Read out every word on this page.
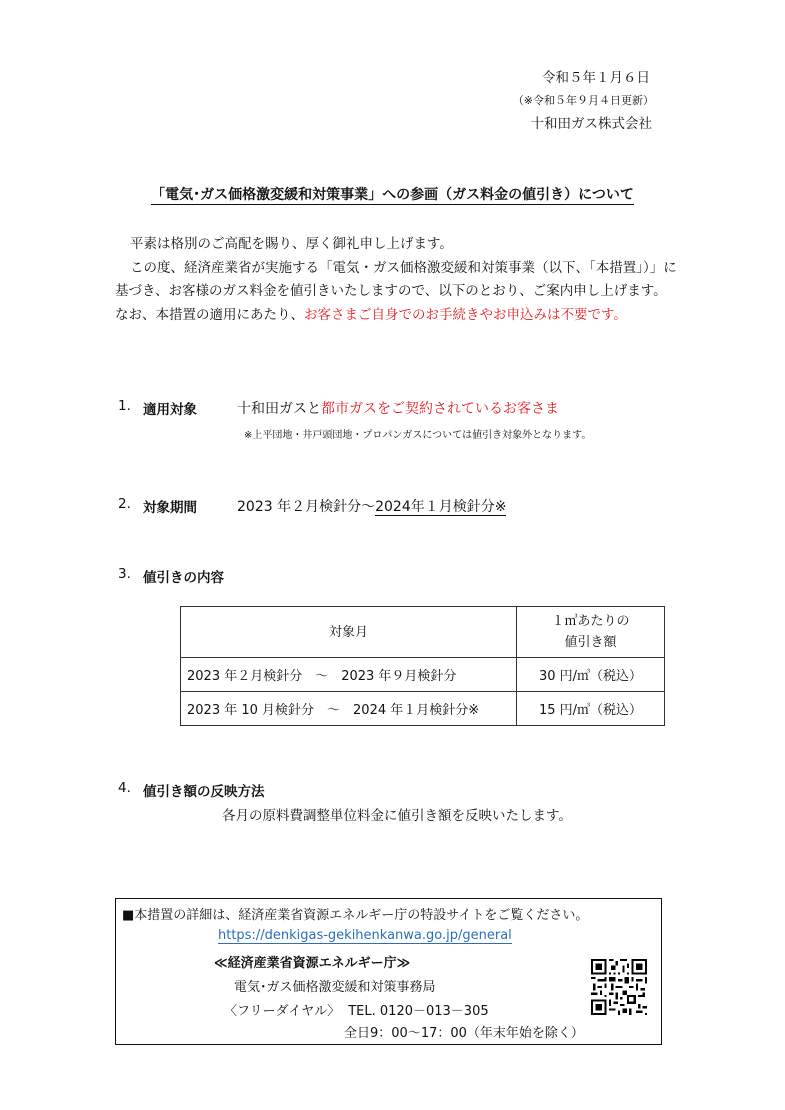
令和５年１月６日
（※令和５年９月４日更新）
十和田ガス株式会社
「電気･ガス価格激変緩和対策事業」への参画（ガス料金の値引き）について

平素は格別のご高配を賜り、厚く御礼申し上げます。

この度、経済産業省が実施する「電気・ガス価格激変緩和対策事業（以下、「本措置」）」に基づき、お客様のガス料金を値引きいたしますので、以下のとおり、ご案内申し上げます。なお、本措置の適用にあたり、お客さまご自身でのお手続きやお申込みは不要です。

1. 適用対象	十和田ガスと都市ガスをご契約されているお客さま
※上平団地・井戸頭団地・プロパンガスについては値引き対象外となります。
2. 対象期間	2023 年２月検針分～2024年１月検針分※
3. 値引きの内容
対象月	１㎥あたりの
値引き額

2023 年２月検針分　～　2023 年９月検針分	30 円/㎥（税込）
2023 年 10 月検針分　～　2024 年１月検針分※	15 円/㎥（税込）
4. 値引き額の反映方法
各月の原料費調整単位料金に値引き額を反映いたします。
■本措置の詳細は、経済産業省資源エネルギー庁の特設サイトをご覧ください。
https://denkigas-gekihenkanwa.go.jp/general
≪経済産業省資源エネルギー庁≫
電気･ガス価格激変緩和対策事務局
〈フリーダイヤル〉 TEL. 0120－013－305
全日9：00～17：00（年末年始を除く）
